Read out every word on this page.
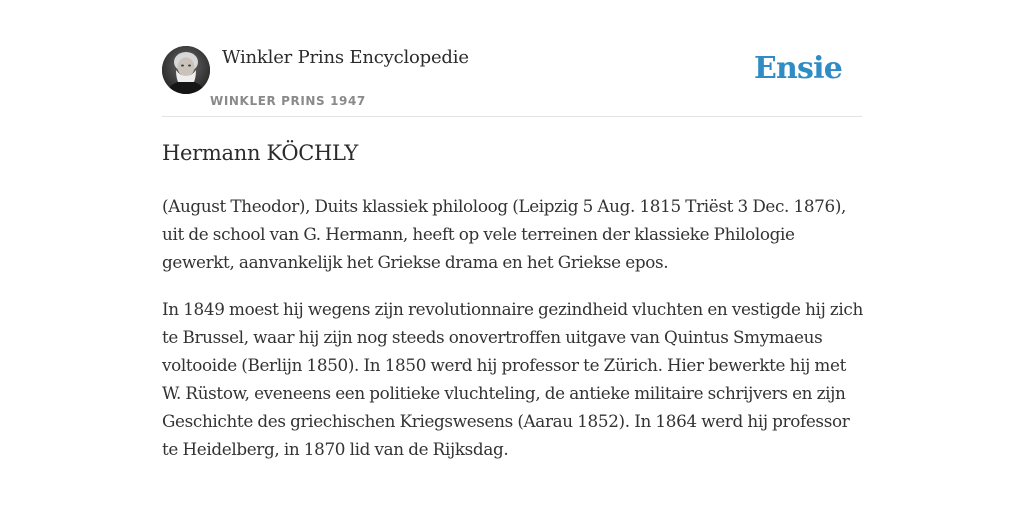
Winkler Prins Encyclopedie
WINKLER PRINS 1947
Ensie
Hermann KÖCHLY

(August Theodor), Duits klassiek philoloog (Leipzig 5 Aug. 1815 Triëst 3 Dec. 1876), uit de school van G. Hermann, heeft op vele terreinen der klassieke Philologie gewerkt, aanvankelijk het Griekse drama en het Griekse epos.

In 1849 moest hij wegens zijn revolutionnaire gezindheid vluchten en vestigde hij zich te Brussel, waar hij zijn nog steeds onovertroffen uitgave van Quintus Smymaeus voltooide (Berlijn 1850). In 1850 werd hij professor te Zürich. Hier bewerkte hij met W. Rüstow, eveneens een politieke vluchteling, de antieke militaire schrijvers en zijn Geschichte des griechischen Kriegswesens (Aarau 1852). In 1864 werd hij professor te Heidelberg, in 1870 lid van de Rijksdag.
